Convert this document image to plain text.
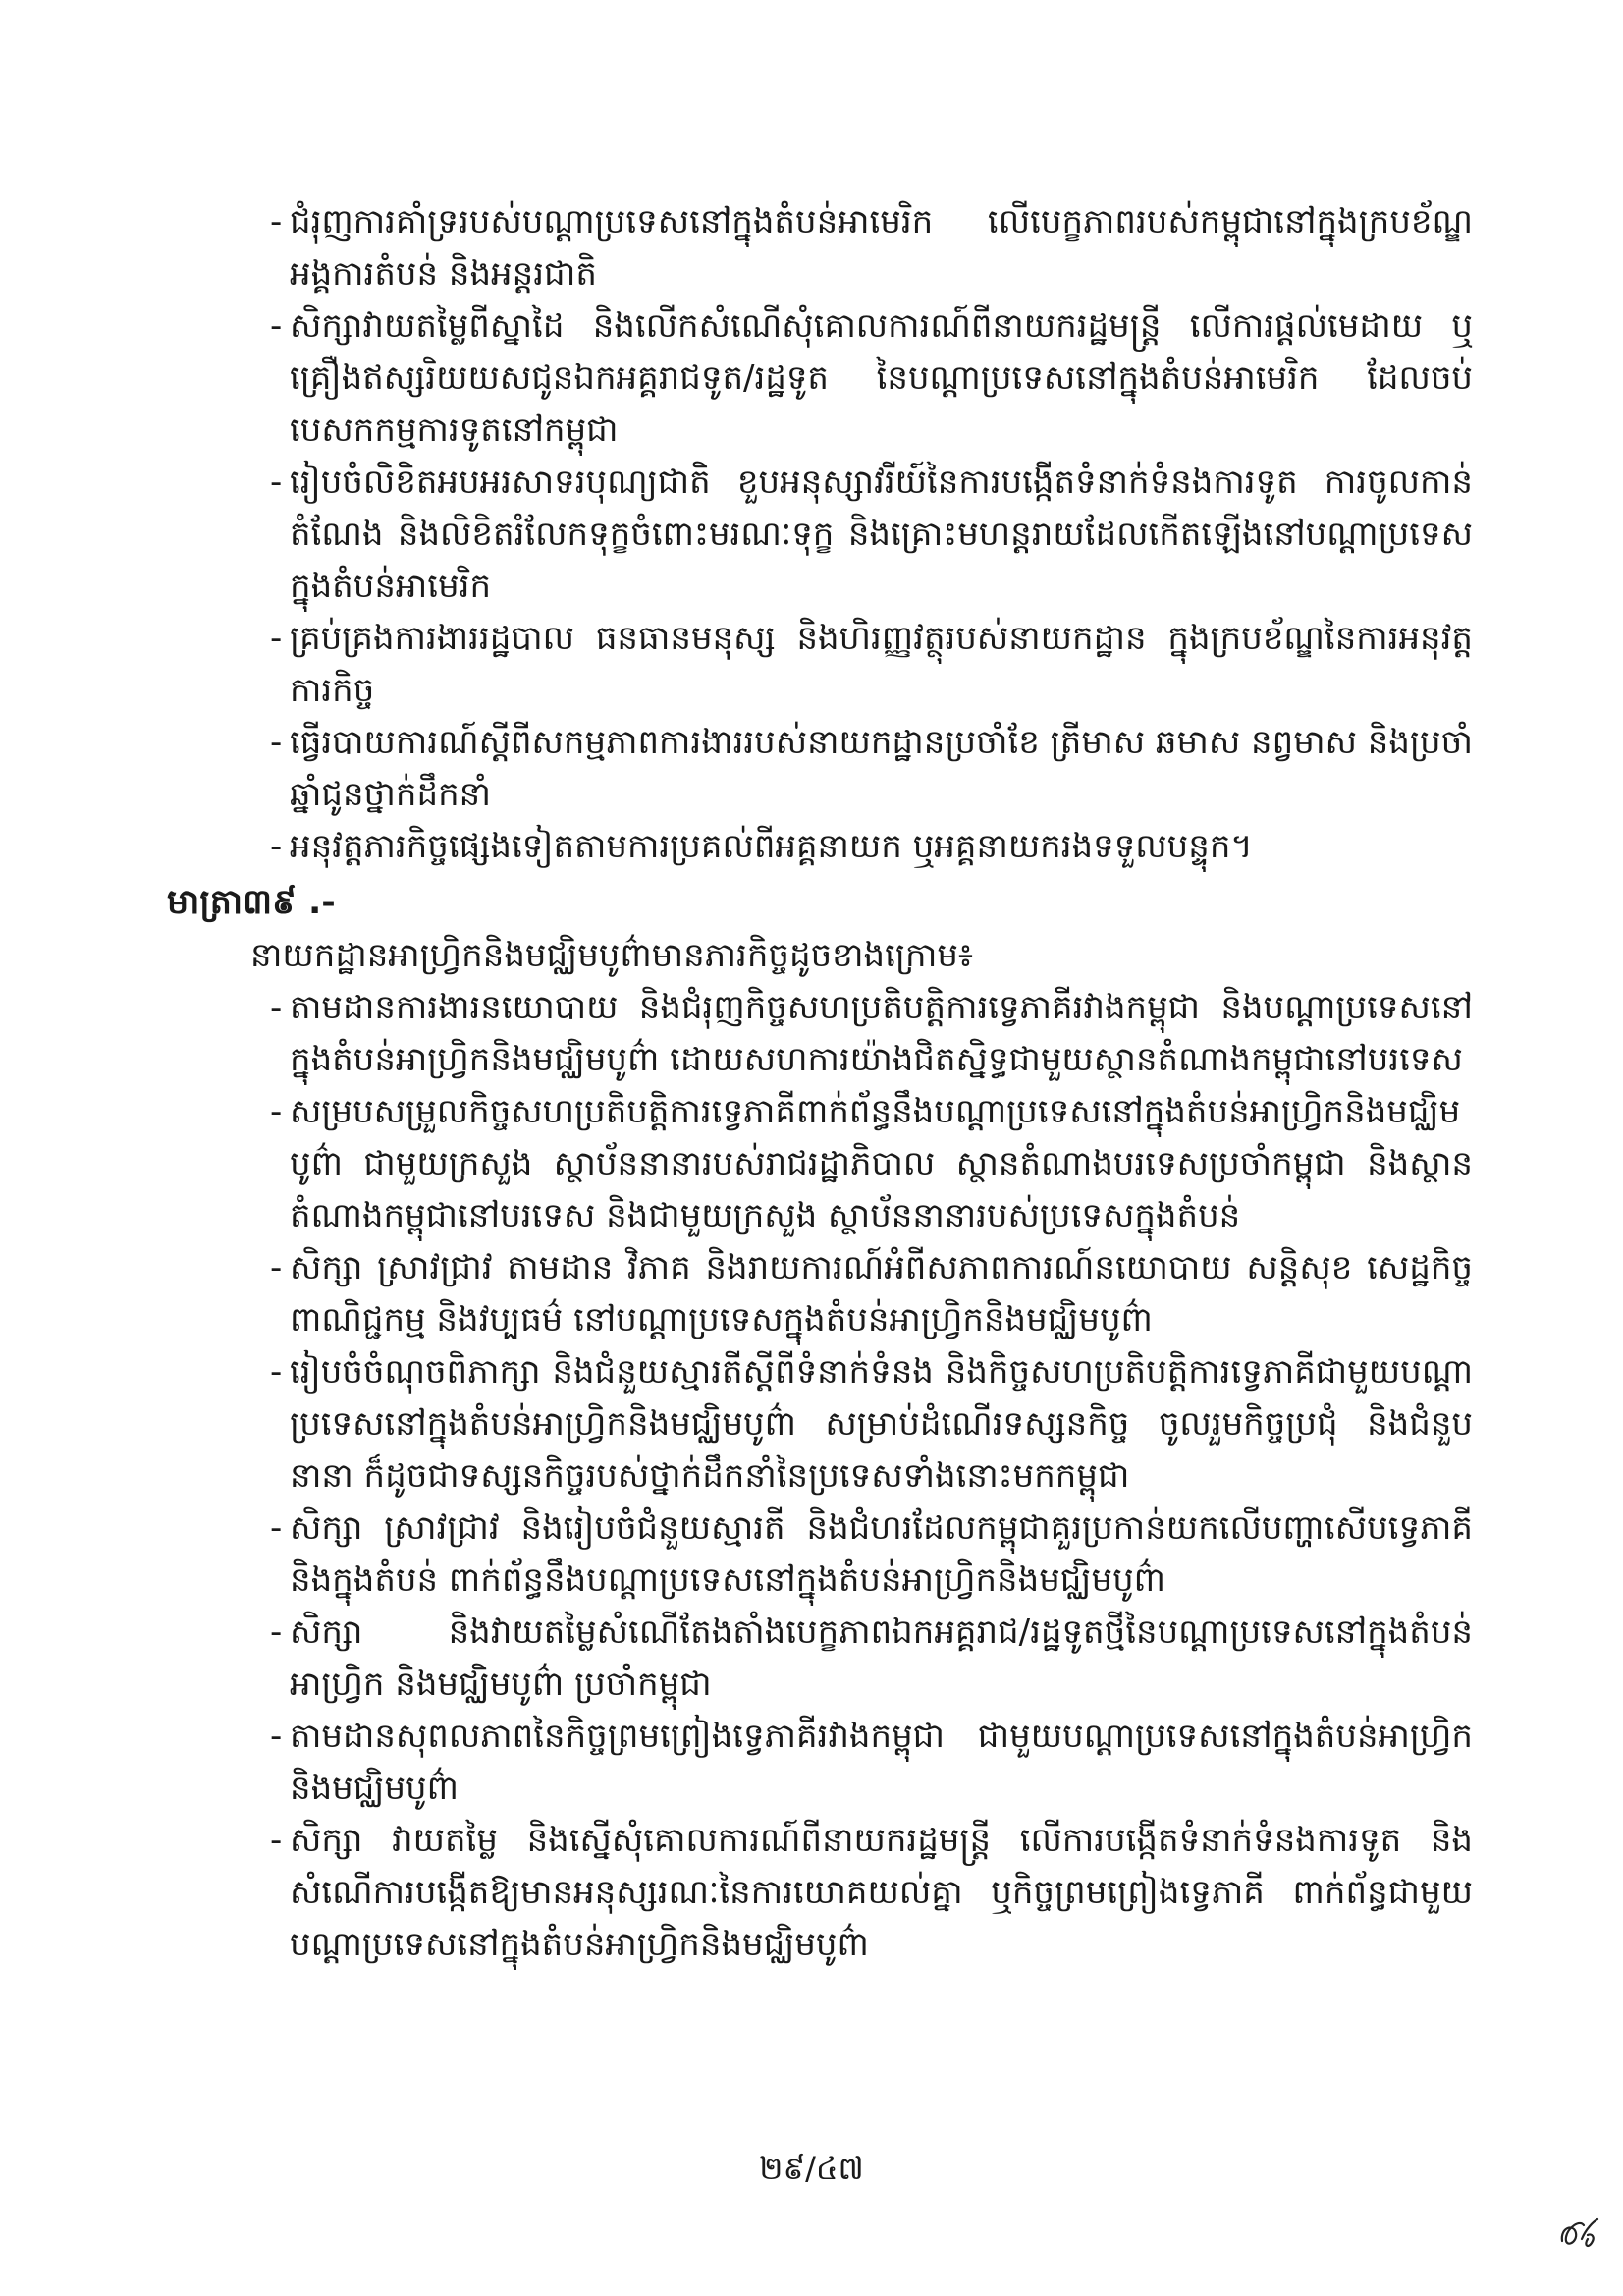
- ជំរុញការគាំទ្ររបស់បណ្ដាប្រទេសនៅក្នុងតំបន់អាមេរិក លើបេក្ខភាពរបស់កម្ពុជានៅក្នុងក្របខ័ណ្ឌអង្គការតំបន់ និងអន្តរជាតិ
- សិក្សាវាយតម្លៃពីស្នាដៃ និងលើកសំណើសុំគោលការណ៍ពីនាយករដ្ឋមន្ត្រី លើការផ្ដល់មេដាយ ឬគ្រឿងឥស្សរិយយសជូនឯកអគ្គរាជទូត/រដ្ឋទូត នៃបណ្ដាប្រទេសនៅក្នុងតំបន់អាមេរិក ដែលចប់បេសកកម្មការទូតនៅកម្ពុជា
- រៀបចំលិខិតអបអរសាទរបុណ្យជាតិ ខួបអនុស្សាវរីយ៍នៃការបង្កើតទំនាក់ទំនងការទូត ការចូលកាន់តំណែង និងលិខិតរំលែកទុក្ខចំពោះមរណៈទុក្ខ និងគ្រោះមហន្តរាយដែលកើតឡើងនៅបណ្ដាប្រទេសក្នុងតំបន់អាមេរិក
- គ្រប់គ្រងការងាររដ្ឋបាល ធនធានមនុស្ស និងហិរញ្ញវត្ថុរបស់នាយកដ្ឋាន ក្នុងក្របខ័ណ្ឌនៃការអនុវត្តការកិច្ច
- ធ្វើរបាយការណ៍ស្ដីពីសកម្មភាពការងាររបស់នាយកដ្ឋានប្រចាំខែ ត្រីមាស ឆមាស នព្វមាស និងប្រចាំឆ្នាំជូនថ្នាក់ដឹកនាំ
- អនុវត្តភារកិច្ចផ្សេងទៀតតាមការប្រគល់ពីអគ្គនាយក ឬអគ្គនាយករងទទួលបន្ទុក។
មាត្រា៣៩ .-

នាយកដ្ឋានអាហ្វ្រិកនិងមជ្ឈិមបូព៌ាមានភារកិច្ចដូចខាងក្រោម៖

- តាមដានការងារនយោបាយ និងជំរុញកិច្ចសហប្រតិបត្តិការទ្វេភាគីរវាងកម្ពុជា និងបណ្ដាប្រទេសនៅក្នុងតំបន់អាហ្វ្រិកនិងមជ្ឈិមបូព៌ា ដោយសហការយ៉ាងជិតស្និទ្ធជាមួយស្ថានតំណាងកម្ពុជានៅបរទេស
- សម្របសម្រួលកិច្ចសហប្រតិបត្តិការទ្វេភាគីពាក់ព័ន្ធនឹងបណ្ដាប្រទេសនៅក្នុងតំបន់អាហ្វ្រិកនិងមជ្ឈិមបូព៌ា ជាមួយក្រសួង ស្ថាប័ននានារបស់រាជរដ្ឋាភិបាល ស្ថានតំណាងបរទេសប្រចាំកម្ពុជា និងស្ថានតំណាងកម្ពុជានៅបរទេស និងជាមួយក្រសួង ស្ថាប័ននានារបស់ប្រទេសក្នុងតំបន់
- សិក្សា ស្រាវជ្រាវ តាមដាន វិភាគ និងរាយការណ៍អំពីសភាពការណ៍នយោបាយ សន្តិសុខ សេដ្ឋកិច្ច ពាណិជ្ជកម្ម និងវប្បធម៌ នៅបណ្ដាប្រទេសក្នុងតំបន់អាហ្វ្រិកនិងមជ្ឈិមបូព៌ា
- រៀបចំចំណុចពិភាក្សា និងជំនួយស្មារតីស្ដីពីទំនាក់ទំនង និងកិច្ចសហប្រតិបត្តិការទ្វេភាគីជាមួយបណ្ដាប្រទេសនៅក្នុងតំបន់អាហ្វ្រិកនិងមជ្ឈិមបូព៌ា សម្រាប់ដំណើរទស្សនកិច្ច ចូលរួមកិច្ចប្រជុំ និងជំនួបនានា ក៏ដូចជាទស្សនកិច្ចរបស់ថ្នាក់ដឹកនាំនៃប្រទេសទាំងនោះមកកម្ពុជា
- សិក្សា ស្រាវជ្រាវ និងរៀបចំជំនួយស្មារតី និងជំហរដែលកម្ពុជាគួរប្រកាន់យកលើបញ្ហាសើបទ្វេភាគី និងក្នុងតំបន់ ពាក់ព័ន្ធនឹងបណ្ដាប្រទេសនៅក្នុងតំបន់អាហ្វ្រិកនិងមជ្ឈិមបូព៌ា
- សិក្សា និងវាយតម្លៃសំណើតែងតាំងបេក្ខភាពឯកអគ្គរាជ/រដ្ឋទូតថ្មីនៃបណ្ដាប្រទេសនៅក្នុងតំបន់អាហ្វ្រិក និងមជ្ឈិមបូព៌ា ប្រចាំកម្ពុជា
- តាមដានសុពលភាពនៃកិច្ចព្រមព្រៀងទ្វេភាគីរវាងកម្ពុជា ជាមួយបណ្ដាប្រទេសនៅក្នុងតំបន់អាហ្វ្រិក និងមជ្ឈិមបូព៌ា
- សិក្សា វាយតម្លៃ និងស្នើសុំគោលការណ៍ពីនាយករដ្ឋមន្ត្រី លើការបង្កើតទំនាក់ទំនងការទូត និងសំណើការបង្កើតឱ្យមានអនុស្សរណៈនៃការយោគយល់គ្នា ឬកិច្ចព្រមព្រៀងទ្វេភាគី ពាក់ព័ន្ធជាមួយបណ្ដាប្រទេសនៅក្នុងតំបន់អាហ្វ្រិកនិងមជ្ឈិមបូព៌ា
២៩/៤៧
